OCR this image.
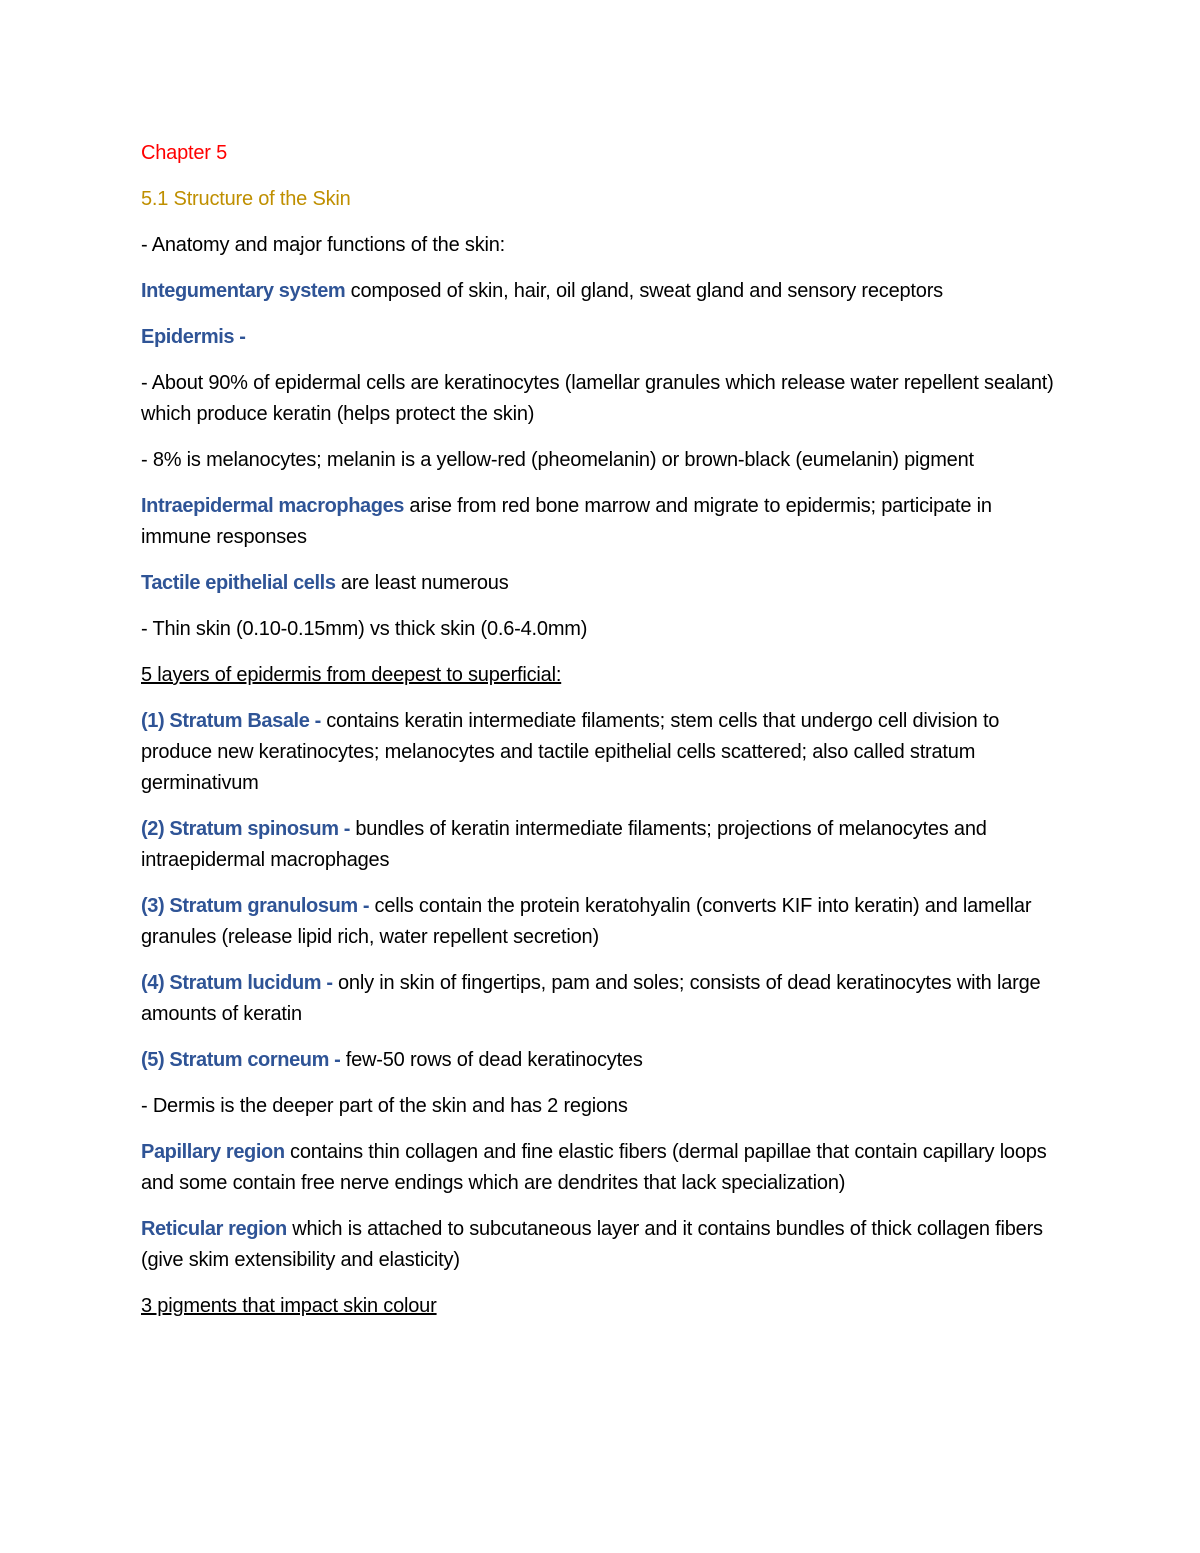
Chapter 5
5.1 Structure of the Skin
- Anatomy and major functions of the skin:
Integumentary system composed of skin, hair, oil gland, sweat gland and sensory receptors
Epidermis -
- About 90% of epidermal cells are keratinocytes (lamellar granules which release water repellent sealant) which produce keratin (helps protect the skin)
- 8% is melanocytes; melanin is a yellow-red (pheomelanin) or brown-black (eumelanin) pigment
Intraepidermal macrophages arise from red bone marrow and migrate to epidermis; participate in immune responses
Tactile epithelial cells are least numerous
- Thin skin (0.10-0.15mm) vs thick skin (0.6-4.0mm)
5 layers of epidermis from deepest to superficial:
(1) Stratum Basale - contains keratin intermediate filaments; stem cells that undergo cell division to produce new keratinocytes; melanocytes and tactile epithelial cells scattered; also called stratum germinativum
(2) Stratum spinosum - bundles of keratin intermediate filaments; projections of melanocytes and intraepidermal macrophages
(3) Stratum granulosum - cells contain the protein keratohyalin (converts KIF into keratin) and lamellar granules (release lipid rich, water repellent secretion)
(4) Stratum lucidum - only in skin of fingertips, pam and soles; consists of dead keratinocytes with large amounts of keratin
(5) Stratum corneum - few-50 rows of dead keratinocytes
- Dermis is the deeper part of the skin and has 2 regions
Papillary region contains thin collagen and fine elastic fibers (dermal papillae that contain capillary loops and some contain free nerve endings which are dendrites that lack specialization)
Reticular region which is attached to subcutaneous layer and it contains bundles of thick collagen fibers (give skim extensibility and elasticity)
3 pigments that impact skin colour
